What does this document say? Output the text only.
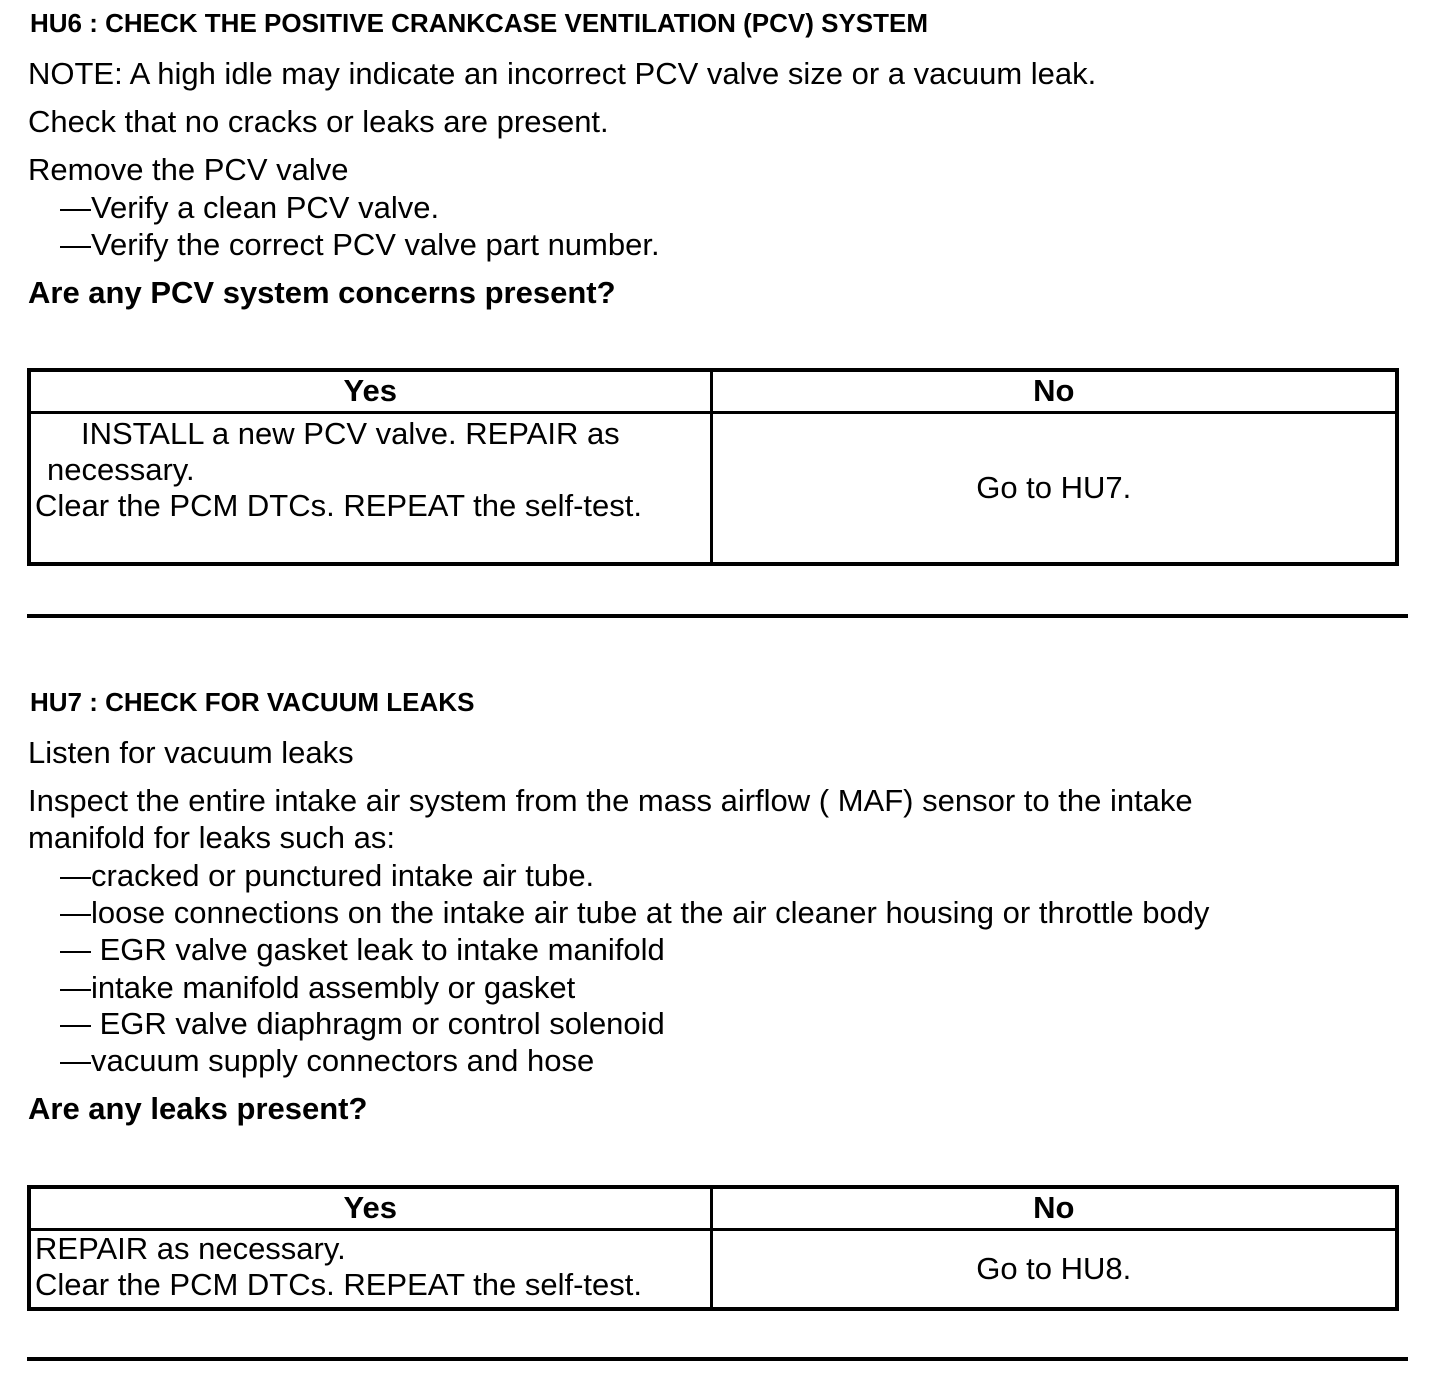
HU6 : CHECK THE POSITIVE CRANKCASE VENTILATION (PCV) SYSTEM
NOTE: A high idle may indicate an incorrect PCV valve size or a vacuum leak.
Check that no cracks or leaks are present.
Remove the PCV valve
—Verify a clean PCV valve.
—Verify the correct PCV valve part number.
Are any PCV system concerns present?
Yes	No

INSTALL a new PCV valve. REPAIR as
necessary.
Clear the PCM DTCs. REPEAT the self-test.	Go to HU7.
HU7 : CHECK FOR VACUUM LEAKS
Listen for vacuum leaks
Inspect the entire intake air system from the mass airflow ( MAF) sensor to the intake
manifold for leaks such as:
—cracked or punctured intake air tube.
—loose connections on the intake air tube at the air cleaner housing or throttle body
— EGR valve gasket leak to intake manifold
—intake manifold assembly or gasket
— EGR valve diaphragm or control solenoid
—vacuum supply connectors and hose
Are any leaks present?
Yes	No

REPAIR as necessary.
Clear the PCM DTCs. REPEAT the self-test.	Go to HU8.
